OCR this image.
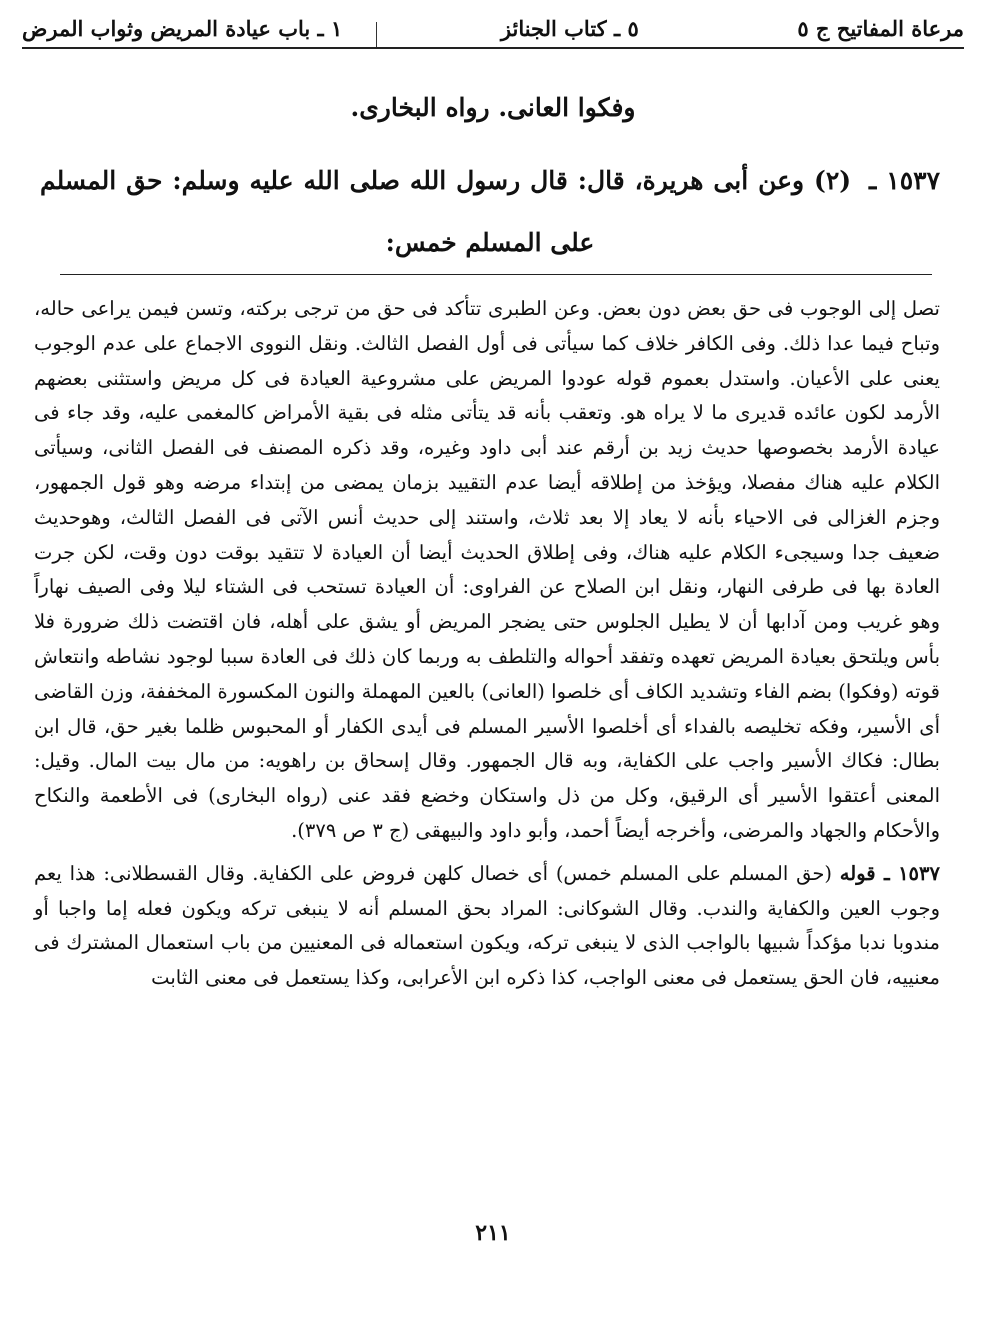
مرعاة المفاتيح ج ٥
٥ ـ كتاب الجنائز
١ ـ باب عيادة المريض وثواب المرض
وفكوا العانى. رواه البخارى.
١٥٣٧ ـ (٢) وعن أبى هريرة، قال: قال رسول الله صلى الله عليه وسلم: حق المسلم على المسلم خمس:

تصل إلى الوجوب فى حق بعض دون بعض. وعن الطبرى تتأكد فى حق من ترجى بركته، وتسن فيمن يراعى حاله، وتباح فيما عدا ذلك. وفى الكافر خلاف كما سيأتى فى أول الفصل الثالث. ونقل النووى الاجماع على عدم الوجوب يعنى على الأعيان. واستدل بعموم قوله عودوا المريض على مشروعية العيادة فى كل مريض واستثنى بعضهم الأرمد لكون عائده قديرى ما لا يراه هو. وتعقب بأنه قد يتأتى مثله فى بقية الأمراض كالمغمى عليه، وقد جاء فى عيادة الأرمد بخصوصها حديث زيد بن أرقم عند أبى داود وغيره، وقد ذكره المصنف فى الفصل الثانى، وسيأتى الكلام عليه هناك مفصلا، ويؤخذ من إطلاقه أيضا عدم التقييد بزمان يمضى من إبتداء مرضه وهو قول الجمهور، وجزم الغزالى فى الاحياء بأنه لا يعاد إلا بعد ثلاث، واستند إلى حديث أنس الآتى فى الفصل الثالث، وهوحديث ضعيف جدا وسيجىء الكلام عليه هناك، وفى إطلاق الحديث أيضا أن العيادة لا تتقيد بوقت دون وقت، لكن جرت العادة بها فى طرفى النهار، ونقل ابن الصلاح عن الفراوى: أن العيادة تستحب فى الشتاء ليلا وفى الصيف نهاراً وهو غريب ومن آدابها أن لا يطيل الجلوس حتى يضجر المريض أو يشق على أهله، فان اقتضت ذلك ضرورة فلا بأس ويلتحق بعيادة المريض تعهده وتفقد أحواله والتلطف به وربما كان ذلك فى العادة سببا لوجود نشاطه وانتعاش قوته (وفكوا) بضم الفاء وتشديد الكاف أى خلصوا (العانى) بالعين المهملة والنون المكسورة المخففة، وزن القاضى أى الأسير، وفكه تخليصه بالفداء أى أخلصوا الأسير المسلم فى أيدى الكفار أو المحبوس ظلما بغير حق، قال ابن بطال: فكاك الأسير واجب على الكفاية، وبه قال الجمهور. وقال إسحاق بن راهويه: من مال بيت المال. وقيل: المعنى أعتقوا الأسير أى الرقيق، وكل من ذل واستكان وخضع فقد عنى (رواه البخارى) فى الأطعمة والنكاح والأحكام والجهاد والمرضى، وأخرجه أيضاً أحمد، وأبو داود والبيهقى (ج ٣ ص ٣٧٩).

١٥٣٧ ـ قوله (حق المسلم على المسلم خمس) أى خصال كلهن فروض على الكفاية. وقال القسطلانى: هذا يعم وجوب العين والكفاية والندب. وقال الشوكانى: المراد بحق المسلم أنه لا ينبغى تركه ويكون فعله إما واجبا أو مندوبا ندبا مؤكداً شبيها بالواجب الذى لا ينبغى تركه، ويكون استعماله فى المعنيين من باب استعمال المشترك فى معنييه، فان الحق يستعمل فى معنى الواجب، كذا ذكره ابن الأعرابى، وكذا يستعمل فى معنى الثابت

٢١١
